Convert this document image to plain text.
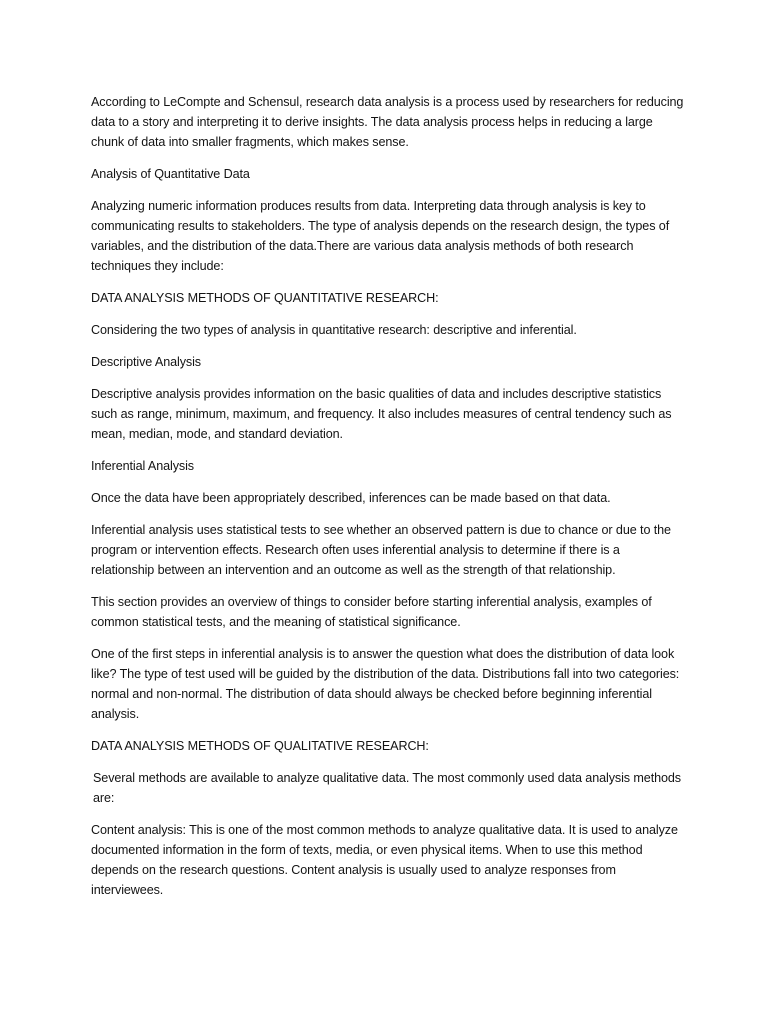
According to LeCompte and Schensul, research data analysis is a process used by researchers for reducing data to a story and interpreting it to derive insights. The data analysis process helps in reducing a large chunk of data into smaller fragments, which makes sense.

Analysis of Quantitative Data

Analyzing numeric information produces results from data. Interpreting data through analysis is key to communicating results to stakeholders. The type of analysis depends on the research design, the types of variables, and the distribution of the data.There are various data analysis methods of both research techniques they include:

DATA ANALYSIS METHODS OF QUANTITATIVE RESEARCH:

Considering the two types of analysis in quantitative research: descriptive and inferential.

Descriptive Analysis

Descriptive analysis provides information on the basic qualities of data and includes descriptive statistics such as range, minimum, maximum, and frequency. It also includes measures of central tendency such as mean, median, mode, and standard deviation.

Inferential Analysis

Once the data have been appropriately described, inferences can be made based on that data.

Inferential analysis uses statistical tests to see whether an observed pattern is due to chance or due to the program or intervention effects. Research often uses inferential analysis to determine if there is a relationship between an intervention and an outcome as well as the strength of that relationship.

This section provides an overview of things to consider before starting inferential analysis, examples of common statistical tests, and the meaning of statistical significance.

One of the first steps in inferential analysis is to answer the question what does the distribution of data look like? The type of test used will be guided by the distribution of the data. Distributions fall into two categories: normal and non-normal. The distribution of data should always be checked before beginning inferential analysis.

DATA ANALYSIS METHODS OF QUALITATIVE RESEARCH:

Several methods are available to analyze qualitative data. The most commonly used data analysis methods are:

Content analysis: This is one of the most common methods to analyze qualitative data. It is used to analyze documented information in the form of texts, media, or even physical items. When to use this method depends on the research questions. Content analysis is usually used to analyze responses from interviewees.
